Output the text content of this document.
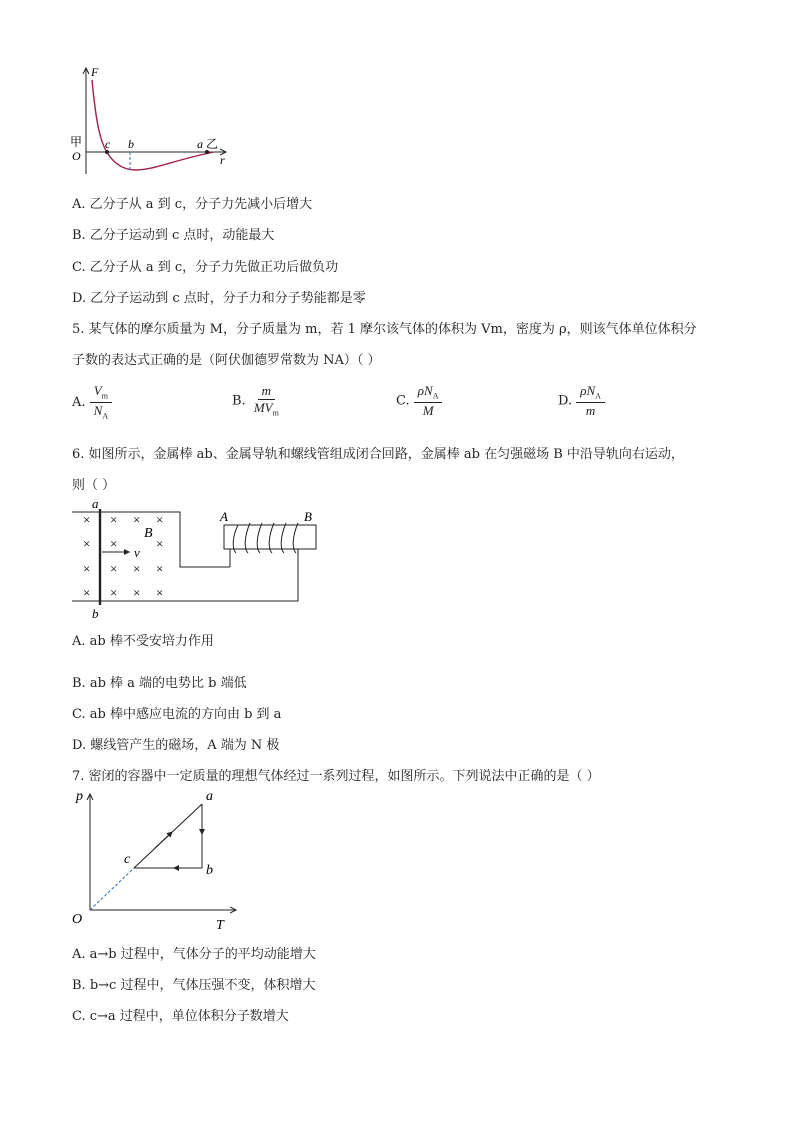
F
甲
O
c b	a 乙
r
A. 乙分子从 a 到 c，分子力先减小后增大
B. 乙分子运动到 c 点时，动能最大
C. 乙分子从 a 到 c，分子力先做正功后做负功
D. 乙分子运动到 c 点时，分子力和分子势能都是零
5. 某气体的摩尔质量为 M，分子质量为 m，若 1 摩尔该气体的体积为 Vm，密度为 ρ，则该气体单位体积分
子数的表达式正确的是（阿伏伽德罗常数为 NA）（ ）
A. $\frac{V_m}{N_A}$	B. $\frac{m}{MV_m}$	C. $\frac{\rho N_A}{M}$	D. $\frac{\rho N_A}{m}$
6. 如图所示，金属棒 ab、金属导轨和螺线管组成闭合回路，金属棒 ab 在匀强磁场 B 中沿导轨向右运动，
则（ ）
× × × ×
× ×	×
× × × ×
× × × ×
v
B
a
b
A	B
A. ab 棒不受安培力作用
B. ab 棒 a 端的电势比 b 端低
C. ab 棒中感应电流的方向由 b 到 a
D. 螺线管产生的磁场，A 端为 N 极
7. 密闭的容器中一定质量的理想气体经过一系列过程，如图所示。下列说法中正确的是（ ）
p
T
O
a
b
c
A. a→b 过程中，气体分子的平均动能增大
B. b→c 过程中，气体压强不变，体积增大
C. c→a 过程中，单位体积分子数增大
